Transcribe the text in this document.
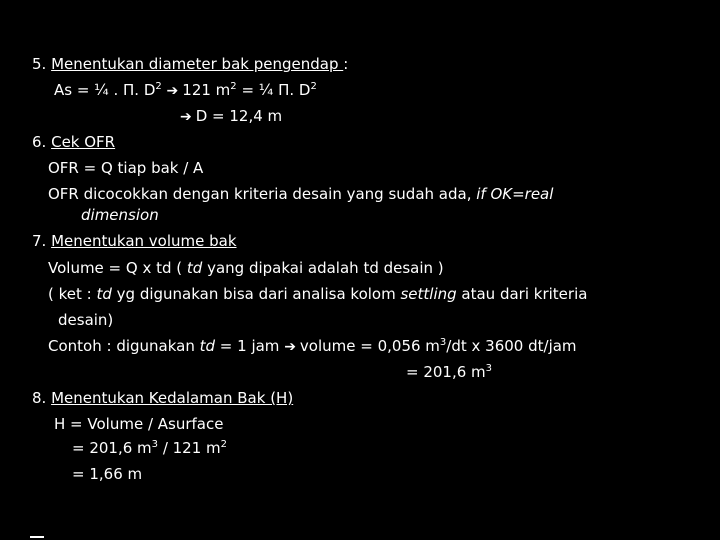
5. Menentukan diameter bak pengendap :
As = ¼ . Π. $D^2$ ➔ 121 $m^2$ = ¼ Π. $D^2$
➔ D = 12,4 m
6. Cek OFR
OFR = Q tiap bak / A
OFR dicocokkan dengan kriteria desain yang sudah ada, if OK=real
dimension
7. Menentukan volume bak
Volume = Q x td ( td yang dipakai adalah td desain )
( ket : td yg digunakan bisa dari analisa kolom settling atau dari kriteria
desain)
Contoh : digunakan td = 1 jam ➔ volume = 0,056 $m^3/dt$ x 3600 dt/jam
= 201,6 $m^3$
8. Menentukan Kedalaman Bak (H)
H = Volume / Asurface
= 201,6 $m^3 / 121$ $m^2$
= 1,66 m
